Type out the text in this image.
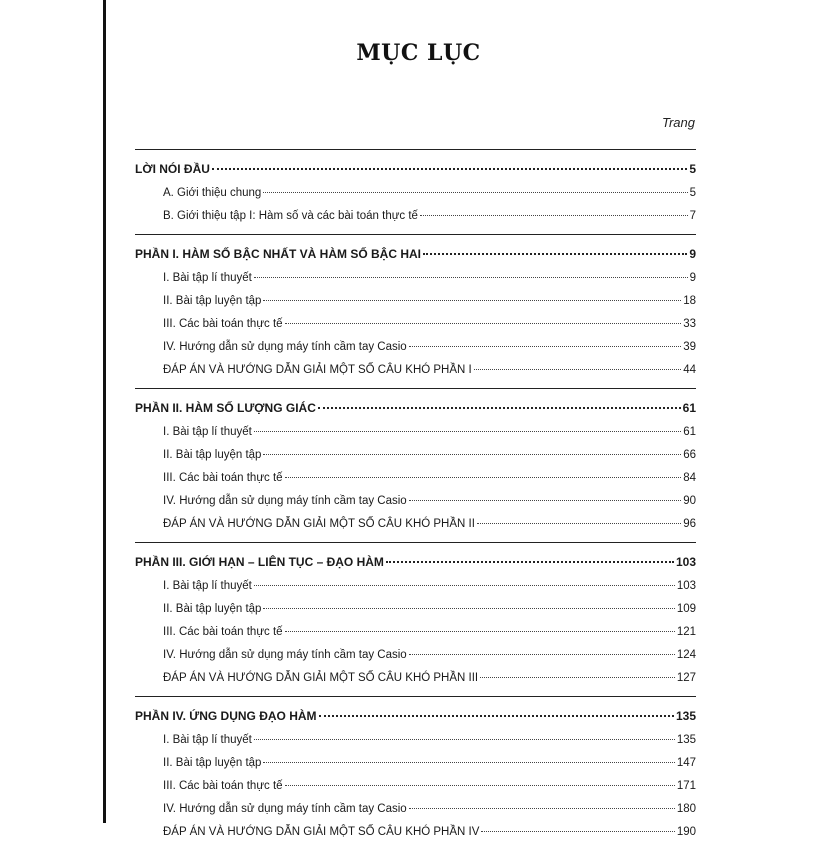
MỤC LỤC
Trang
LỜI NÓI ĐẦU	5
A. Giới thiệu chung	5
B. Giới thiệu tập I: Hàm số và các bài toán thực tế	7
PHẦN I. HÀM SỐ BẬC NHẤT VÀ HÀM SỐ BẬC HAI	9
I. Bài tập lí thuyết	9
II. Bài tập luyện tập	18
III. Các bài toán thực tế	33
IV. Hướng dẫn sử dụng máy tính cầm tay Casio	39
ĐÁP ÁN VÀ HƯỚNG DẪN GIẢI MỘT SỐ CÂU KHÓ PHẦN I	44
PHẦN II. HÀM SỐ LƯỢNG GIÁC	61
I. Bài tập lí thuyết	61
II. Bài tập luyện tập	66
III. Các bài toán thực tế	84
IV. Hướng dẫn sử dụng máy tính cầm tay Casio	90
ĐÁP ÁN VÀ HƯỚNG DẪN GIẢI MỘT SỐ CÂU KHÓ PHẦN II	96
PHẦN III. GIỚI HẠN – LIÊN TỤC – ĐẠO HÀM	103
I. Bài tập lí thuyết	103
II. Bài tập luyện tập	109
III. Các bài toán thực tế	121
IV. Hướng dẫn sử dụng máy tính cầm tay Casio	124
ĐÁP ÁN VÀ HƯỚNG DẪN GIẢI MỘT SỐ CÂU KHÓ PHẦN III	127
PHẦN IV. ỨNG DỤNG ĐẠO HÀM	135
I. Bài tập lí thuyết	135
II. Bài tập luyện tập	147
III. Các bài toán thực tế	171
IV. Hướng dẫn sử dụng máy tính cầm tay Casio	180
ĐÁP ÁN VÀ HƯỚNG DẪN GIẢI MỘT SỐ CÂU KHÓ PHẦN IV	190
